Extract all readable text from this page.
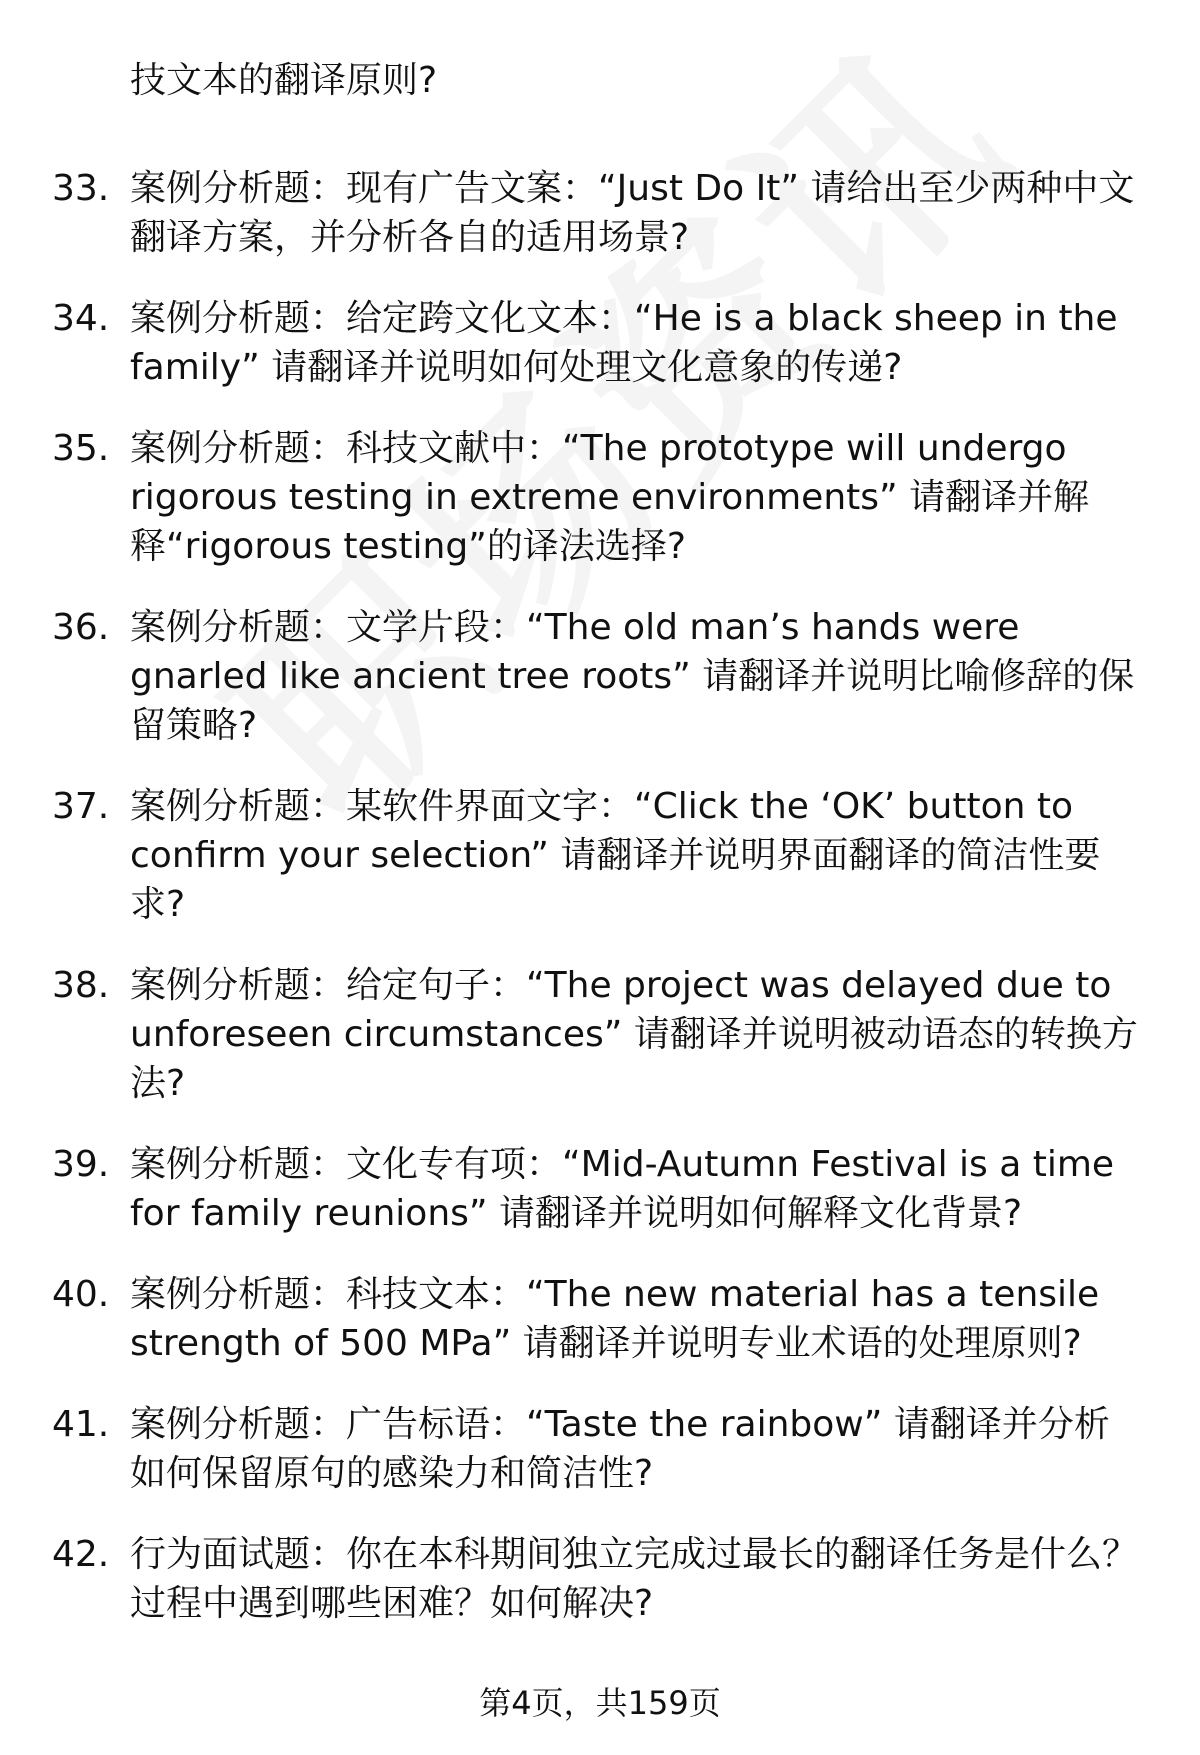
技文本的翻译原则?
33. 案例分析题：现有广告文案：“Just Do It” 请给出至少两种中文翻译方案，并分析各自的适用场景?
34. 案例分析题：给定跨文化文本：“He is a black sheep in the family” 请翻译并说明如何处理文化意象的传递?
35. 案例分析题：科技文献中：“The prototype will undergo rigorous testing in extreme environments” 请翻译并解释“rigorous testing”的译法选择?
36. 案例分析题：文学片段：“The old man’s hands were gnarled like ancient tree roots” 请翻译并说明比喻修辞的保留策略?
37. 案例分析题：某软件界面文字：“Click the ‘OK’ button to confirm your selection” 请翻译并说明界面翻译的简洁性要求?
38. 案例分析题：给定句子：“The project was delayed due to unforeseen circumstances” 请翻译并说明被动语态的转换方法?
39. 案例分析题：文化专有项：“Mid-Autumn Festival is a time for family reunions” 请翻译并说明如何解释文化背景?
40. 案例分析题：科技文本：“The new material has a tensile strength of 500 MPa” 请翻译并说明专业术语的处理原则?
41. 案例分析题：广告标语：“Taste the rainbow” 请翻译并分析如何保留原句的感染力和简洁性?
42. 行为面试题：你在本科期间独立完成过最长的翻译任务是什么？过程中遇到哪些困难？如何解决?
第4页，共159页
